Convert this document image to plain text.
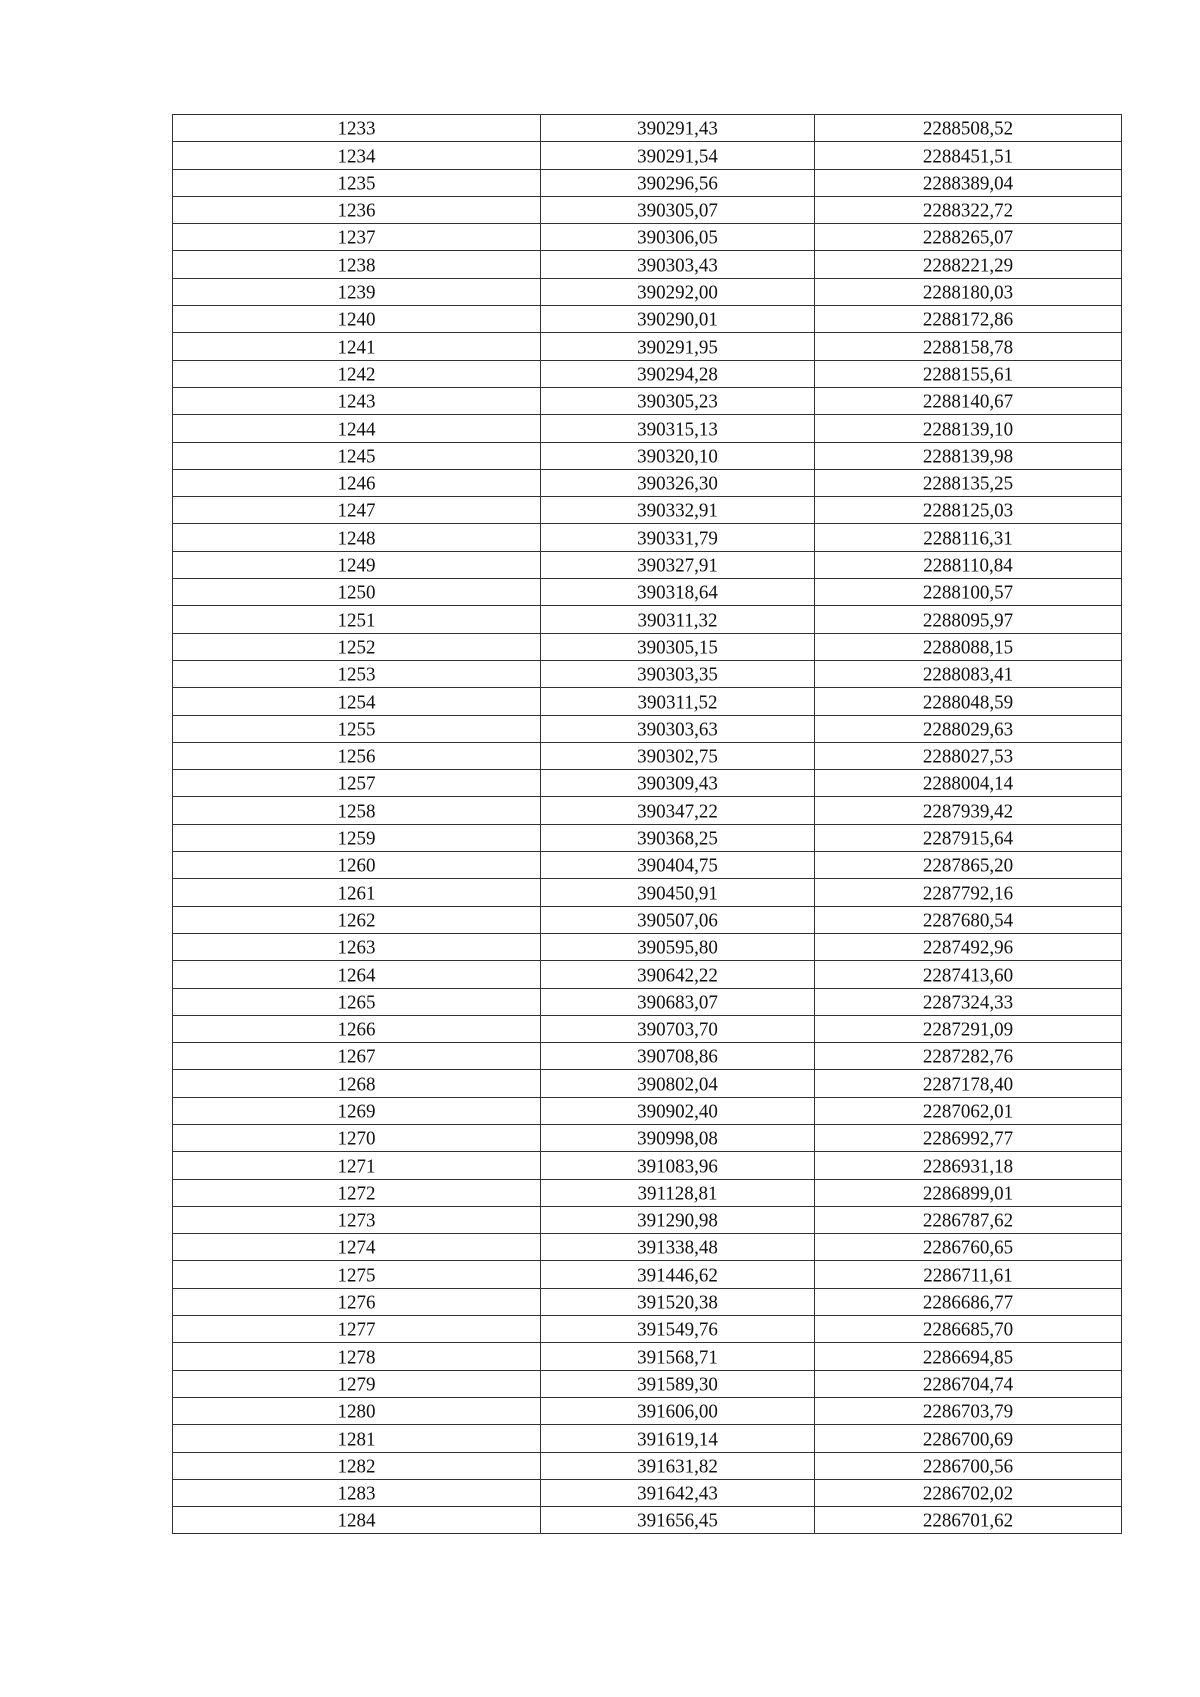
1233	390291,43	2288508,52
1234	390291,54	2288451,51
1235	390296,56	2288389,04
1236	390305,07	2288322,72
1237	390306,05	2288265,07
1238	390303,43	2288221,29
1239	390292,00	2288180,03
1240	390290,01	2288172,86
1241	390291,95	2288158,78
1242	390294,28	2288155,61
1243	390305,23	2288140,67
1244	390315,13	2288139,10
1245	390320,10	2288139,98
1246	390326,30	2288135,25
1247	390332,91	2288125,03
1248	390331,79	2288116,31
1249	390327,91	2288110,84
1250	390318,64	2288100,57
1251	390311,32	2288095,97
1252	390305,15	2288088,15
1253	390303,35	2288083,41
1254	390311,52	2288048,59
1255	390303,63	2288029,63
1256	390302,75	2288027,53
1257	390309,43	2288004,14
1258	390347,22	2287939,42
1259	390368,25	2287915,64
1260	390404,75	2287865,20
1261	390450,91	2287792,16
1262	390507,06	2287680,54
1263	390595,80	2287492,96
1264	390642,22	2287413,60
1265	390683,07	2287324,33
1266	390703,70	2287291,09
1267	390708,86	2287282,76
1268	390802,04	2287178,40
1269	390902,40	2287062,01
1270	390998,08	2286992,77
1271	391083,96	2286931,18
1272	391128,81	2286899,01
1273	391290,98	2286787,62
1274	391338,48	2286760,65
1275	391446,62	2286711,61
1276	391520,38	2286686,77
1277	391549,76	2286685,70
1278	391568,71	2286694,85
1279	391589,30	2286704,74
1280	391606,00	2286703,79
1281	391619,14	2286700,69
1282	391631,82	2286700,56
1283	391642,43	2286702,02
1284	391656,45	2286701,62
